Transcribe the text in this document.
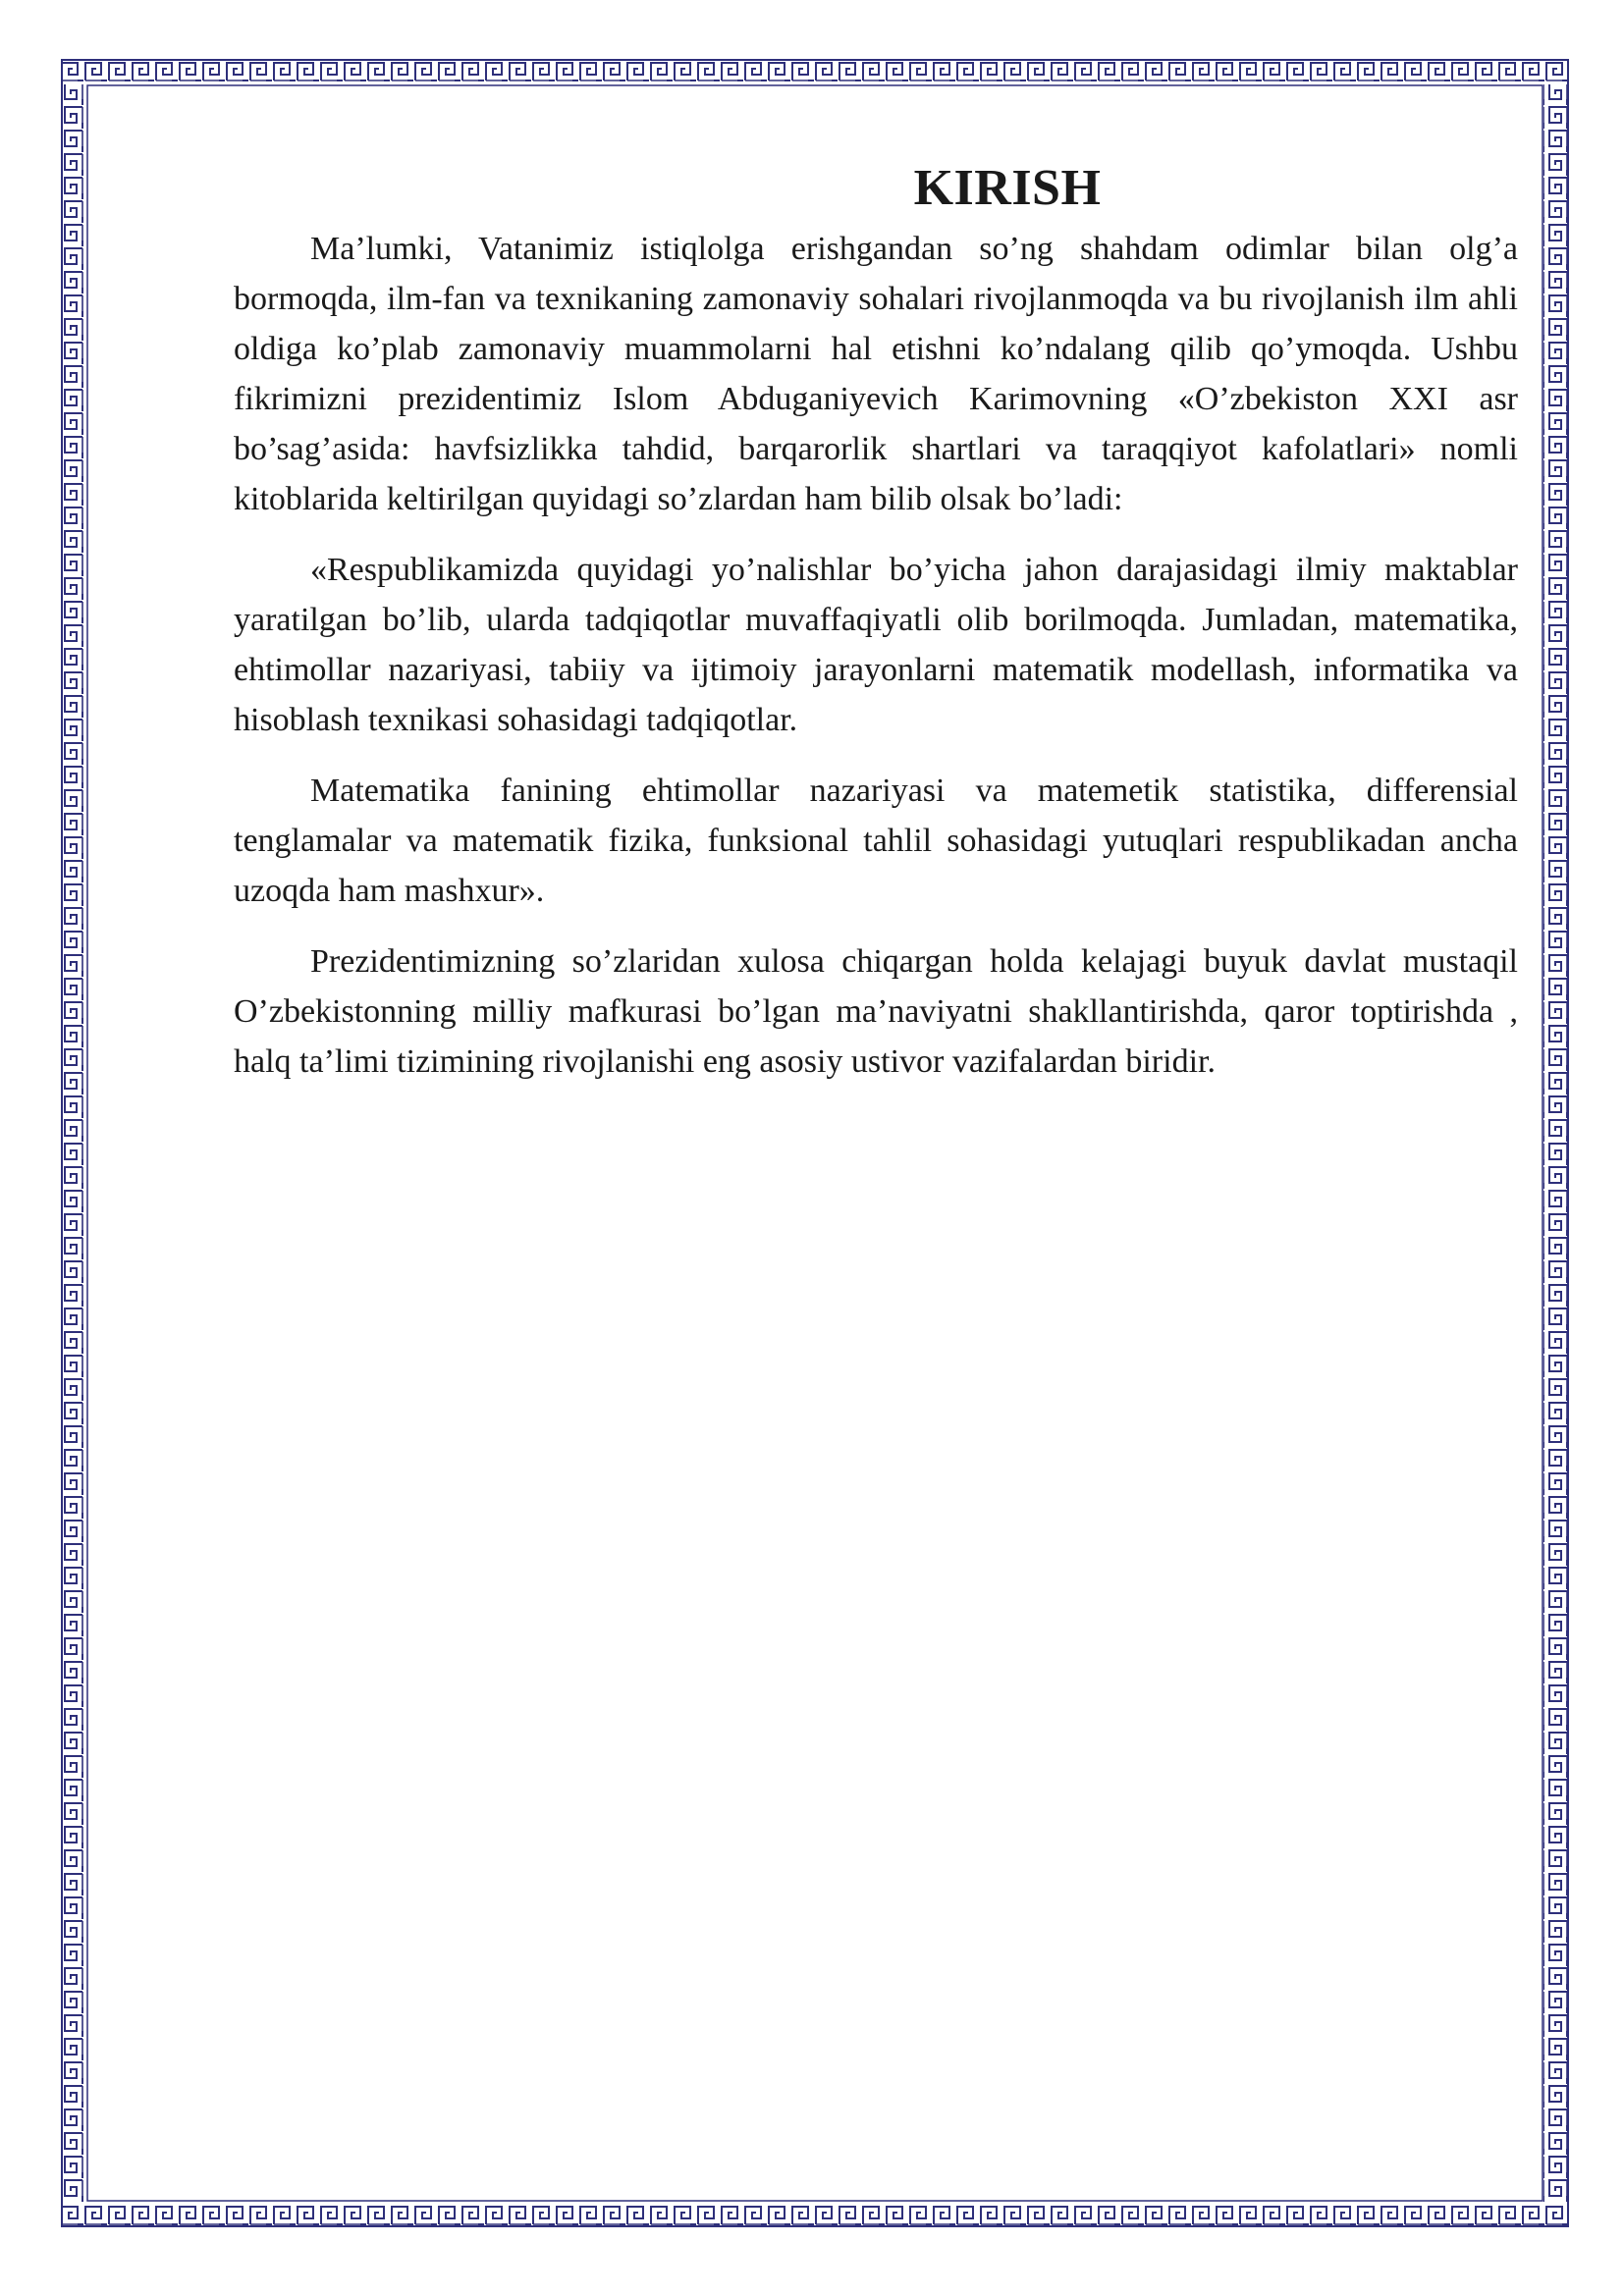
KIRISH

Ma’lumki, Vatanimiz istiqlolga erishgandan so’ng shahdam odimlar bilan olg’a bormoqda, ilm-fan va texnikaning zamonaviy sohalari rivojlanmoqda va bu rivojlanish ilm ahli oldiga ko’plab zamonaviy muammolarni hal etishni ko’ndalang qilib qo’ymoqda. Ushbu fikrimizni prezidentimiz Islom Abduganiyevich Karimovning «O’zbekiston XXI asr bo’sag’asida: havfsizlikka tahdid, barqarorlik shartlari va taraqqiyot kafolatlari» nomli kitoblarida keltirilgan quyidagi so’zlardan ham bilib olsak bo’ladi:

«Respublikamizda quyidagi yo’nalishlar bo’yicha jahon darajasidagi ilmiy maktablar yaratilgan bo’lib, ularda tadqiqotlar muvaffaqiyatli olib borilmoqda. Jumladan, matematika, ehtimollar nazariyasi, tabiiy va ijtimoiy jarayonlarni matematik modellash, informatika va hisoblash texnikasi sohasidagi tadqiqotlar.

Matematika fanining ehtimollar nazariyasi va matemetik statistika, differensial tenglamalar va matematik fizika, funksional tahlil sohasidagi yutuqlari respublikadan ancha uzoqda ham mashxur».

Prezidentimizning so’zlaridan xulosa chiqargan holda kelajagi buyuk davlat mustaqil O’zbekistonning milliy mafkurasi bo’lgan ma’naviyatni shakllantirishda, qaror toptirishda , halq ta’limi tizimining rivojlanishi eng asosiy ustivor vazifalardan biridir.
